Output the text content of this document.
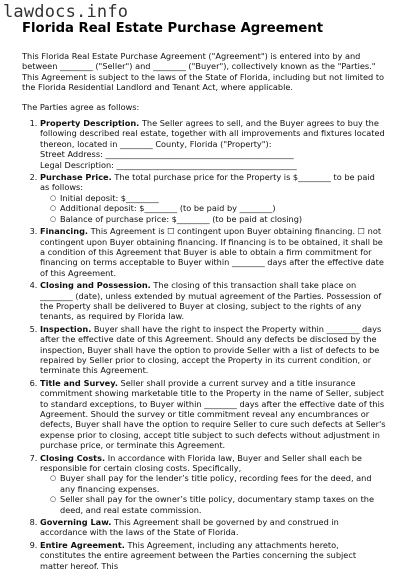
lawdocs.info
Florida Real Estate Purchase Agreement

This Florida Real Estate Purchase Agreement ("Agreement") is entered into by and between ________ ("Seller") and ________ ("Buyer"), collectively known as the "Parties." This Agreement is subject to the laws of the State of Florida, including but not limited to the Florida Residential Landlord and Tenant Act, where applicable.

The Parties agree as follows:

1. Property Description. The Seller agrees to sell, and the Buyer agrees to buy the following described real estate, together with all improvements and fixtures located thereon, located in ________ County, Florida ("Property"):
Street Address: ______________________________________________
Legal Description: ____________________________________________
2. Purchase Price. The total purchase price for the Property is $________ to be paid as follows:
○ Initial deposit: $________
○ Additional deposit: $________ (to be paid by ________)
○ Balance of purchase price: $________ (to be paid at closing)
3. Financing. This Agreement is ☐ contingent upon Buyer obtaining financing. ☐ not contingent upon Buyer obtaining financing. If financing is to be obtained, it shall be a condition of this Agreement that Buyer is able to obtain a firm commitment for financing on terms acceptable to Buyer within ________ days after the effective date of this Agreement.
4. Closing and Possession. The closing of this transaction shall take place on ________ (date), unless extended by mutual agreement of the Parties. Possession of the Property shall be delivered to Buyer at closing, subject to the rights of any tenants, as required by Florida law.
5. Inspection. Buyer shall have the right to inspect the Property within ________ days after the effective date of this Agreement. Should any defects be disclosed by the inspection, Buyer shall have the option to provide Seller with a list of defects to be repaired by Seller prior to closing, accept the Property in its current condition, or terminate this Agreement.
6. Title and Survey. Seller shall provide a current survey and a title insurance commitment showing marketable title to the Property in the name of Seller, subject to standard exceptions, to Buyer within ________ days after the effective date of this Agreement. Should the survey or title commitment reveal any encumbrances or defects, Buyer shall have the option to require Seller to cure such defects at Seller's expense prior to closing, accept title subject to such defects without adjustment in purchase price, or terminate this Agreement.
7. Closing Costs. In accordance with Florida law, Buyer and Seller shall each be responsible for certain closing costs. Specifically,
○ Buyer shall pay for the lender’s title policy, recording fees for the deed, and any financing expenses.
○ Seller shall pay for the owner’s title policy, documentary stamp taxes on the deed, and real estate commission.
8. Governing Law. This Agreement shall be governed by and construed in accordance with the laws of the State of Florida.
9. Entire Agreement. This Agreement, including any attachments hereto, constitutes the entire agreement between the Parties concerning the subject matter hereof. This
